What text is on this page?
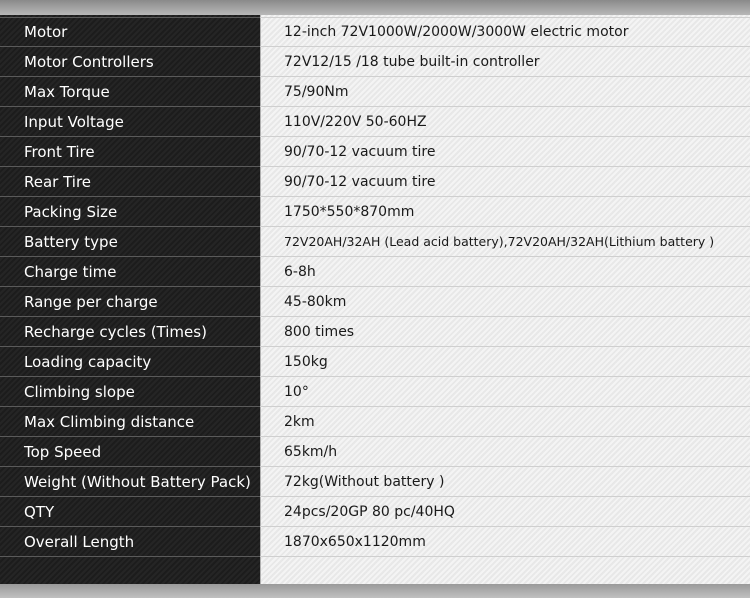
Motor	12-inch 72V1000W/2000W/3000W electric motor
Motor Controllers	72V12/15 /18 tube built-in controller
Max Torque	75/90Nm
Input Voltage	110V/220V 50-60HZ
Front Tire	90/70-12 vacuum tire
Rear Tire	90/70-12 vacuum tire
Packing Size	1750*550*870mm
Battery type	72V20AH/32AH (Lead acid battery),72V20AH/32AH(Lithium battery )
Charge time	6-8h
Range per charge	45-80km
Recharge cycles (Times)	800 times
Loading capacity	150kg
Climbing slope	10°
Max Climbing distance	2km
Top Speed	65km/h
Weight (Without Battery Pack)	72kg(Without battery )
QTY	24pcs/20GP 80 pc/40HQ
Overall Length	1870x650x1120mm
